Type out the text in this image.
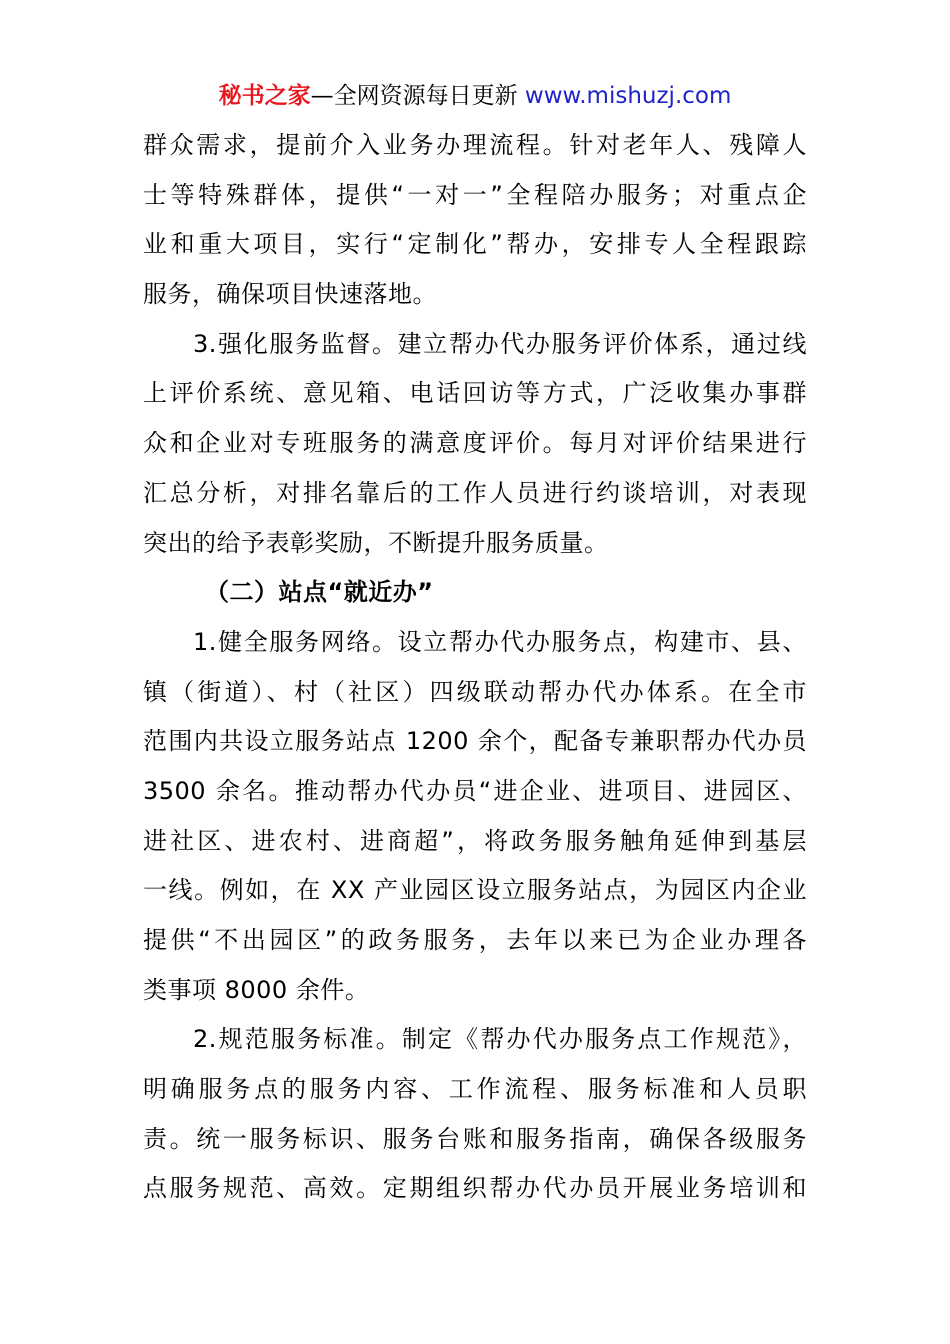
秘书之家—全网资源每日更新 www.mishuzj.com
群众需求，提前介入业务办理流程。针对老年人、残障人
士等特殊群体，提供“一对一”全程陪办服务；对重点企
业和重大项目，实行“定制化”帮办，安排专人全程跟踪
服务，确保项目快速落地。
3.强化服务监督。建立帮办代办服务评价体系，通过线
上评价系统、意见箱、电话回访等方式，广泛收集办事群
众和企业对专班服务的满意度评价。每月对评价结果进行
汇总分析，对排名靠后的工作人员进行约谈培训，对表现
突出的给予表彰奖励，不断提升服务质量。
（二）站点“就近办”
1.健全服务网络。设立帮办代办服务点，构建市、县、
镇（街道）、村（社区）四级联动帮办代办体系。在全市
范围内共设立服务站点 1200 余个，配备专兼职帮办代办员
3500 余名。推动帮办代办员“进企业、进项目、进园区、
进社区、进农村、进商超”，将政务服务触角延伸到基层
一线。例如，在 XX 产业园区设立服务站点，为园区内企业
提供“不出园区”的政务服务，去年以来已为企业办理各
类事项 8000 余件。
2.规范服务标准。制定《帮办代办服务点工作规范》，
明确服务点的服务内容、工作流程、服务标准和人员职
责。统一服务标识、服务台账和服务指南，确保各级服务
点服务规范、高效。定期组织帮办代办员开展业务培训和
